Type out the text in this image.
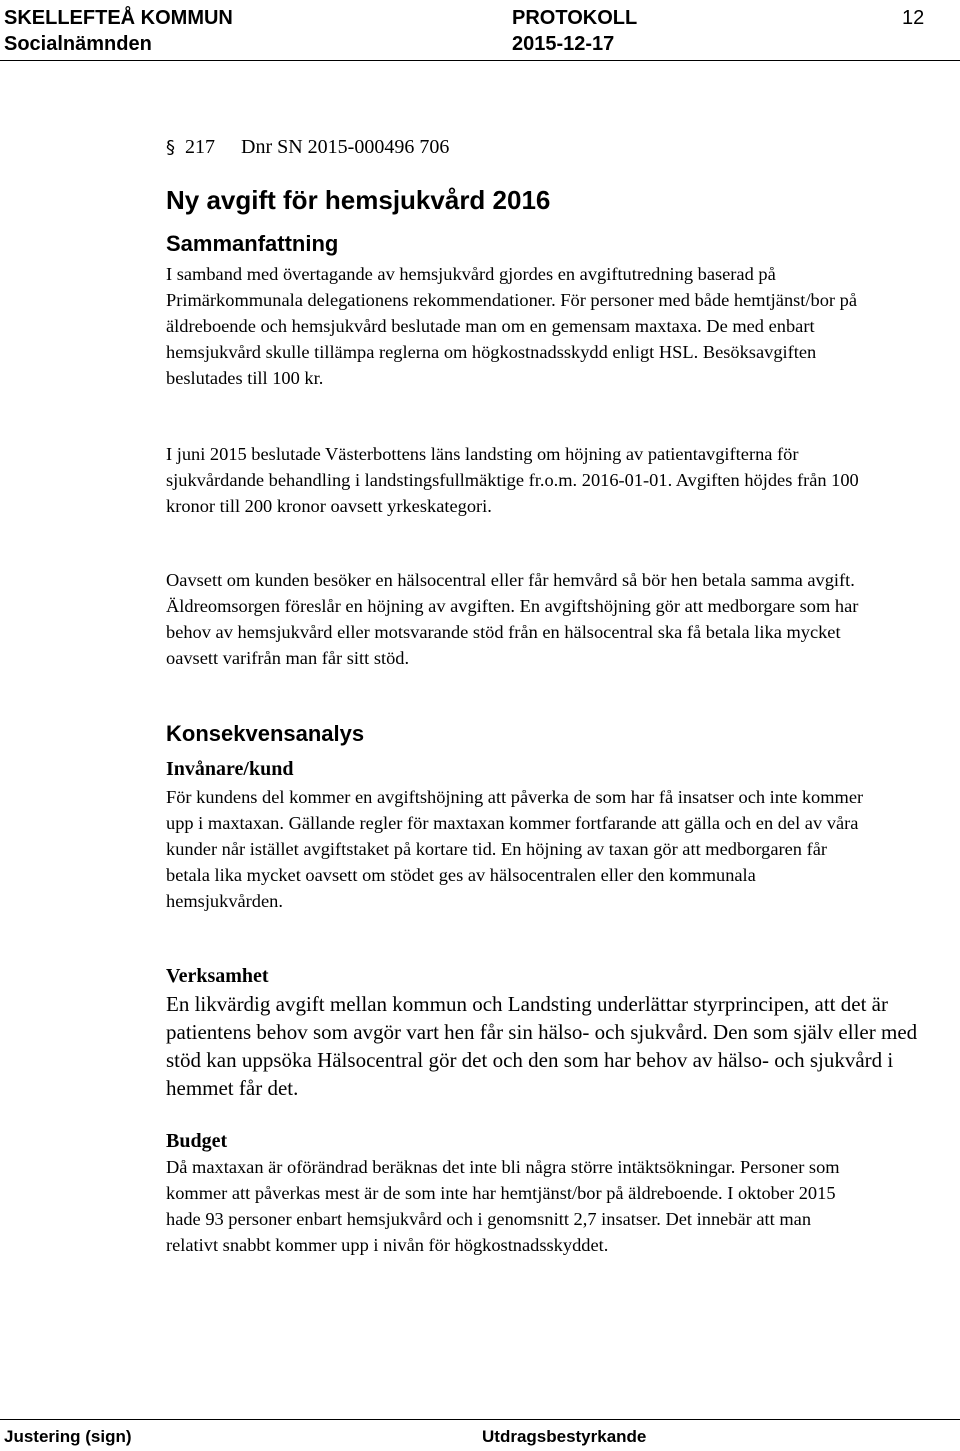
SKELLEFTEÅ KOMMUN
Socialnämnden
PROTOKOLL
2015-12-17
12
§ 217 Dnr SN 2015-000496 706
Ny avgift för hemsjukvård 2016
Sammanfattning

I samband med övertagande av hemsjukvård gjordes en avgiftutredning baserad på Primärkommunala delegationens rekommendationer. För personer med både hemtjänst/bor på äldreboende och hemsjukvård beslutade man om en gemensam maxtaxa. De med enbart hemsjukvård skulle tillämpa reglerna om högkostnadsskydd enligt HSL. Besöksavgiften beslutades till 100 kr.

I juni 2015 beslutade Västerbottens läns landsting om höjning av patientavgifterna för sjukvårdande behandling i landstingsfullmäktige fr.o.m. 2016-01-01. Avgiften höjdes från 100 kronor till 200 kronor oavsett yrkeskategori.

Oavsett om kunden besöker en hälsocentral eller får hemvård så bör hen betala samma avgift. Äldreomsorgen föreslår en höjning av avgiften. En avgiftshöjning gör att medborgare som har behov av hemsjukvård eller motsvarande stöd från en hälsocentral ska få betala lika mycket oavsett varifrån man får sitt stöd.

Konsekvensanalys
Invånare/kund

För kundens del kommer en avgiftshöjning att påverka de som har få insatser och inte kommer upp i maxtaxan. Gällande regler för maxtaxan kommer fortfarande att gälla och en del av våra kunder når istället avgiftstaket på kortare tid. En höjning av taxan gör att medborgaren får betala lika mycket oavsett om stödet ges av hälsocentralen eller den kommunala hemsjukvården.

Verksamhet

En likvärdig avgift mellan kommun och Landsting underlättar styrprincipen, att det är patientens behov som avgör vart hen får sin hälso- och sjukvård. Den som själv eller med stöd kan uppsöka Hälsocentral gör det och den som har behov av hälso- och sjukvård i hemmet får det.

Budget

Då maxtaxan är oförändrad beräknas det inte bli några större intäktsökningar. Personer som kommer att påverkas mest är de som inte har hemtjänst/bor på äldreboende. I oktober 2015 hade 93 personer enbart hemsjukvård och i genomsnitt 2,7 insatser. Det innebär att man relativt snabbt kommer upp i nivån för högkostnadsskyddet.

Justering (sign)	Utdragsbestyrkande
